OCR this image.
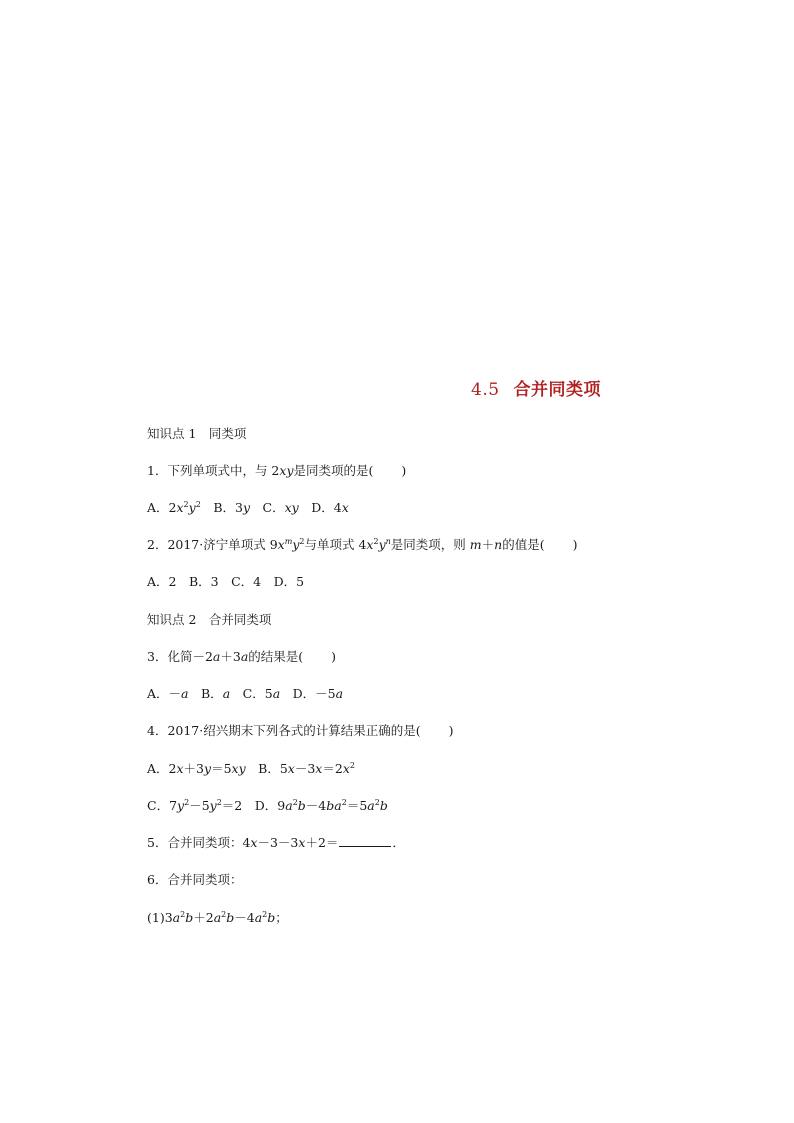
4.5 合并同类项
知识点 1　同类项
1．下列单项式中，与 2xy是同类项的是( )
A．$2x^2y^2$　 B．3y　 C．xy　 D．4x
2．2017·济宁单项式 $9x^my^2$与单项式 $4x^2y^n$是同类项，则 m＋n的值是( )
A．2　B．3　C．4　D．5
知识点 2　合并同类项
3．化简－2a＋3a的结果是( )
A．－a　 B．a　 C．5a　 D．－5a
4．2017·绍兴期末下列各式的计算结果正确的是( )
A．2x＋3y＝5xy　B．$5x-3x=2x^2$
C．$7y^2-5y^2=2$　D．$9a^2b-4ba^2=5a^2b$
5．合并同类项：4x－3－3x＋2＝	．
6．合并同类项：
$(1)3a^2b+2a^2b-4a^2b$；
